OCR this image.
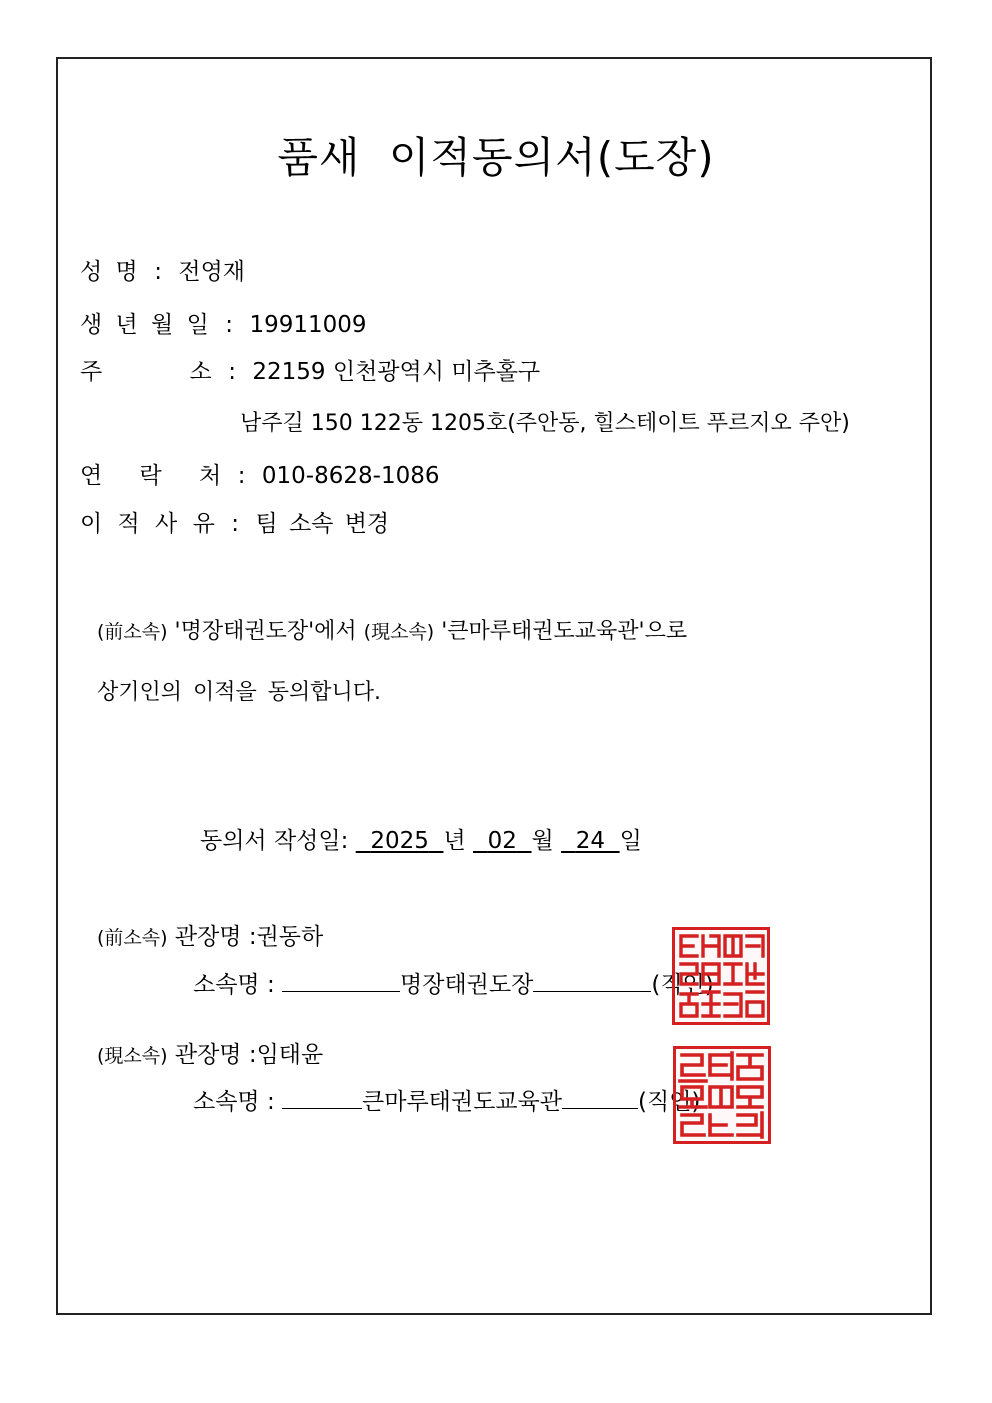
품새 이적동의서(도장)
성 명 : 전영재
생 년 월 일 : 19911009
주 소 : 22159 인천광역시 미추홀구
남주길 150 122동 1205호(주안동, 힐스테이트 푸르지오 주안)
연 락 처 : 010-8628-1086
이 적 사 유 : 팀 소속 변경
(前소속) '명장태권도장'에서 (現소속) '큰마루태권도교육관'으로
상기인의 이적을 동의합니다.
동의서 작성일: 2025 년 02 월 24 일
(前소속) 관장명 :권동하
소속명 :	명장태권도장	(직인)
(現소속) 관장명 :임태윤
소속명 :	큰마루태권도교육관	(직인)
